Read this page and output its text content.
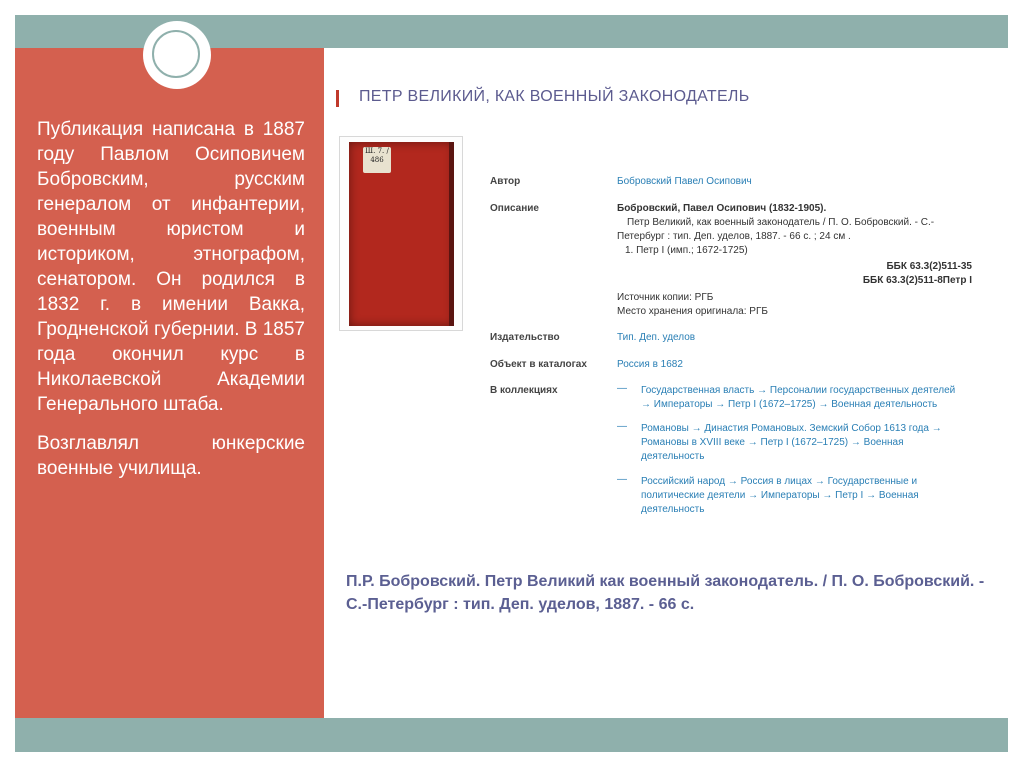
Публикация написана в 1887 году Павлом Осиповичем Бобровским, русским генералом от инфантерии, военным юристом и историком, этнографом, сенатором. Он родился в 1832 г. в имении Вакка, Гродненской губернии. В 1857 года окончил курс в Николаевской Академии Генерального штаба.

Возглавлял юнкерские военные училища.

ПЕТР ВЕЛИКИЙ, КАК ВОЕННЫЙ ЗАКОНОДАТЕЛЬ
Ш. 7. / 486
Автор	Бобровский Павел Осипович
Описание	Бобровский, Павел Осипович (1832-1905).
Петр Великий, как военный законодатель / П. О. Бобровский. - С.-
Петербург : тип. Деп. уделов, 1887. - 66 с. ; 24 см .
1. Петр I (имп.; 1672-1725)
ББК 63.3(2)511-35
ББК 63.3(2)511-8Петр I
Источник копии: РГБ
Место хранения оригинала: РГБ
Издательство	Тип. Деп. уделов
Объект в каталогах	Россия в 1682
В коллекциях	— Государственная власть → Персоналии государственных деятелей
→ Императоры → Петр I (1672–1725) → Военная деятельность
— Романовы → Династия Романовых. Земский Собор 1613 года →
Романовы в XVIII веке → Петр I (1672–1725) → Военная
деятельность
— Российский народ → Россия в лицах → Государственные и
политические деятели → Императоры → Петр I → Военная
деятельность
П.Р. Бобровский. Петр Великий как военный законодатель. / П. О. Бобровский. - С.-Петербург : тип. Деп. уделов, 1887. - 66 с.
